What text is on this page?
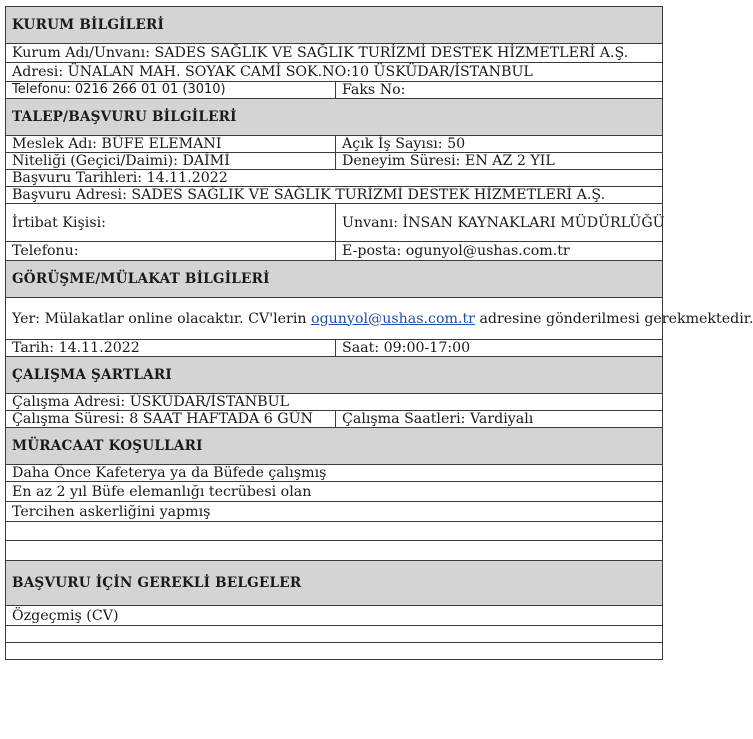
KURUM BİLGİLERİ	
Kurum Adı/Unvanı: SADES SAĞLIK VE SAĞLIK TURİZMİ DESTEK HİZMETLERİ A.Ş.	
Adresi: ÜNALAN MAH. SOYAK CAMİ SOK.NO:10 ÜSKÜDAR/İSTANBUL	
Telefonu: 0216 266 01 01 (3010)	Faks No:
TALEP/BAŞVURU BİLGİLERİ	
Meslek Adı: BÜFE ELEMANI	Açık İş Sayısı: 50
Niteliği (Geçici/Daimi): DAİMİ	Deneyim Süresi: EN AZ 2 YIL
Başvuru Tarihleri: 14.11.2022	
Başvuru Adresi: SADES SAĞLIK VE SAĞLIK TURİZMİ DESTEK HİZMETLERİ A.Ş.	
İrtibat Kişisi:	Unvanı: İNSAN KAYNAKLARI MÜDÜRLÜĞÜ
Telefonu:	E-posta: ogunyol@ushas.com.tr
GÖRÜŞME/MÜLAKAT BİLGİLERİ	
Yer: Mülakatlar online olacaktır. CV'lerin ogunyol@ushas.com.tr adresine gönderilmesi gerekmektedir.	
Tarih: 14.11.2022	Saat: 09:00-17:00
ÇALIŞMA ŞARTLARI	
Çalışma Adresi: ÜSKÜDAR/İSTANBUL	
Çalışma Süresi: 8 SAAT HAFTADA 6 GÜN	Çalışma Saatleri: Vardiyalı
MÜRACAAT KOŞULLARI	
Daha Önce Kafeterya ya da Büfede çalışmış	
En az 2 yıl Büfe elemanlığı tecrübesi olan	
Tercihen askerliğini yapmış	

BAŞVURU İÇİN GEREKLİ BELGELER	
Özgeçmiş (CV)	
